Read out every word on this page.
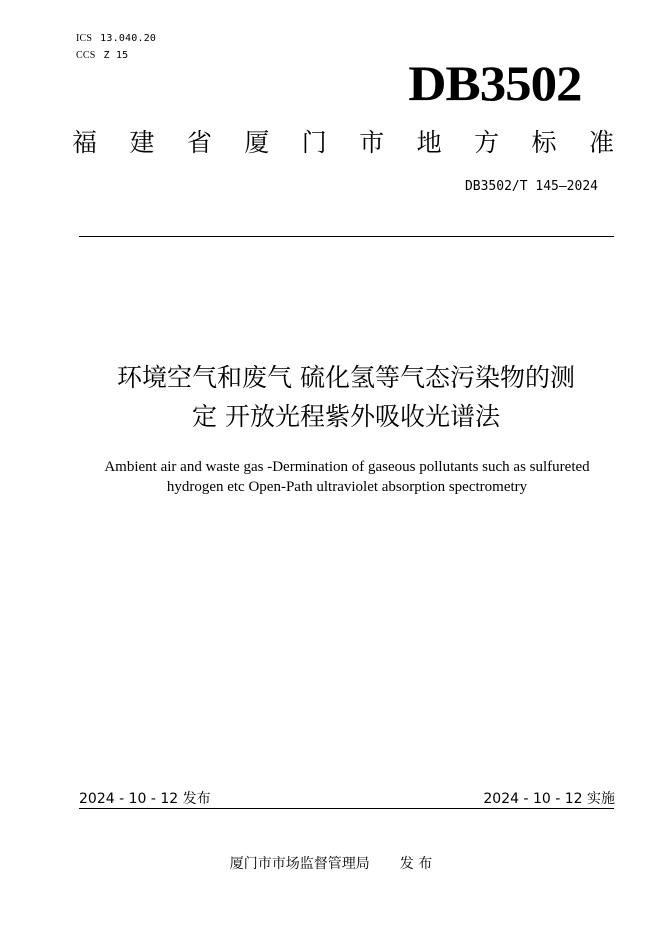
ICS 13.040.20
CCS Z 15	DB3502
福 建 省 厦 门 市 地 方 标 准
DB3502/T 145—2024
环境空气和废气 硫化氢等气态污染物的测
定 开放光程紫外吸收光谱法
Ambient air and waste gas -Dermination of gaseous pollutants such as sulfureted
hydrogen etc Open-Path ultraviolet absorption spectrometry
2024 - 10 - 12 发布	2024 - 10 - 12 实施
厦门市市场监督管理局 发 布
